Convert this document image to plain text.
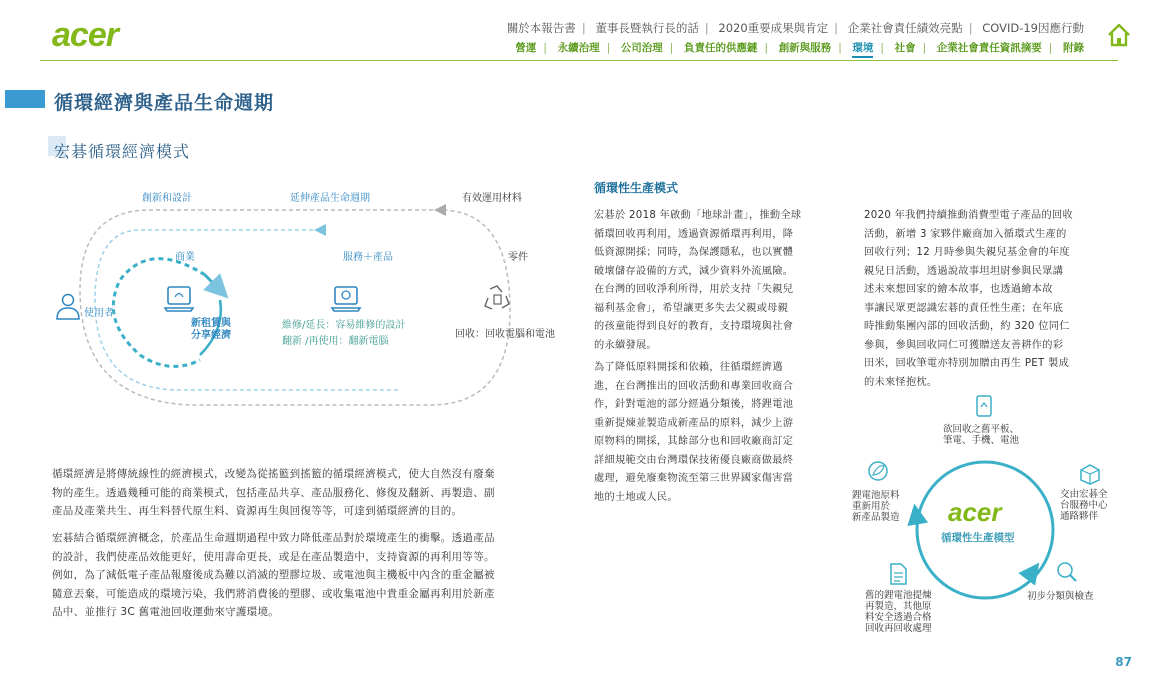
acer	關於本報告書 | 董事長暨執行長的話 | 2020重要成果與肯定 | 企業社會責任績效亮點 | COVID-19因應行動
營運 | 永續治理 | 公司治理 | 負責任的供應鏈 | 創新與服務 | 環境 | 社會 | 企業社會責任資訊摘要 | 附錄
循環經濟與產品生命週期
宏碁循環經濟模式
創新和設計	延伸產品生命週期	有效運用材料
商業	服務＋產品	零件
使用者
新租賃與
分享經濟
維修/延長：容易維修的設計
翻新 /再使用：翻新電腦
回收：回收電腦和電池
循環經濟是將傳統線性的經濟模式，改變為從搖籃到搖籃的循環經濟模式，使大自然沒有廢棄
物的產生。透過幾種可能的商業模式，包括產品共享、產品服務化、修復及翻新、再製造、副
產品及產業共生、再生料替代原生料、資源再生與回復等等，可達到循環經濟的目的。
宏碁結合循環經濟概念，於產品生命週期過程中致力降低產品對於環境產生的衝擊。透過產品
的設計，我們使產品效能更好，使用壽命更長，或是在產品製造中，支持資源的再利用等等。
例如，為了減低電子產品報廢後成為難以消滅的塑膠垃圾、或電池與主機板中內含的重金屬被
隨意丟棄，可能造成的環境污染，我們將消費後的塑膠、或收集電池中貴重金屬再利用於新產
品中、並推行 3C 舊電池回收運動來守護環境。
循環性生產模式
宏碁於 2018 年啟動「地球計畫」，推動全球
循環回收再利用，透過資源循環再利用，降
低資源開採；同時，為保護隱私，也以實體
破壞儲存設備的方式，減少資料外流風險。
在台灣的回收淨利所得，用於支持「失親兒
福利基金會」，希望讓更多失去父親或母親
的孩童能得到良好的教育，支持環境與社會
的永續發展。
為了降低原料開採和依賴，往循環經濟邁
進，在台灣推出的回收活動和專業回收商合
作，針對電池的部分經過分類後，將鋰電池
重新提煉並製造成新產品的原料，減少上游
原物料的開採，其餘部分也和回收廠商訂定
詳細規範交由台灣環保技術優良廠商做最終
處理，避免廢棄物流至第三世界國家傷害當
地的土地或人民。
2020 年我們持續推動消費型電子產品的回收
活動，新增 3 家夥伴廠商加入循環式生產的
回收行列；12 月時參與失親兒基金會的年度
親兒日活動，透過說故事坦坦尉參與民眾講
述未來想回家的繪本故事，也透過繪本故
事讓民眾更認識宏碁的責任性生產；在年底
時推動集團內部的回收活動，約 320 位同仁
參與，參與回收同仁可獲贈送友善耕作的彩
田米，回收筆電亦特別加贈由再生 PET 製成
的未來怪抱枕。
acer
循環性生產模型
欲回收之舊平板、
筆電、手機、電池
交由宏碁全
台服務中心
通路夥伴
初步分類與檢查
舊的鋰電池提煉
再製造，其他原
料安全透過合格
回收再回收處理
鋰電池原料
重新用於
新產品製造
87
